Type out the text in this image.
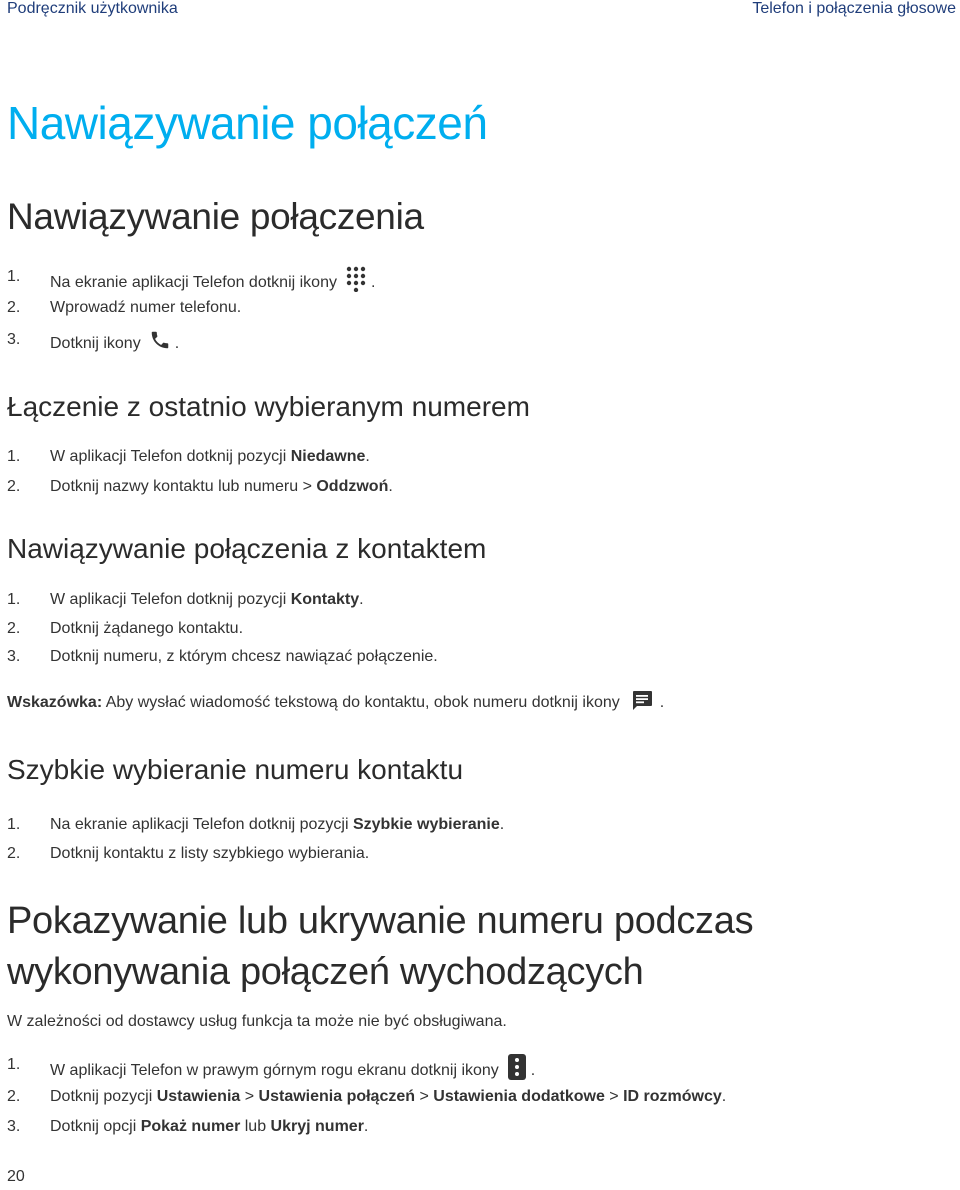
Podręcznik użytkownika	Telefon i połączenia głosowe
Nawiązywanie połączeń
Nawiązywanie połączenia
1.	Na ekranie aplikacji Telefon dotknij ikony .
2.	Wprowadź numer telefonu.
3.	Dotknij ikony .
Łączenie z ostatnio wybieranym numerem
1.	W aplikacji Telefon dotknij pozycji Niedawne .
2.	Dotknij nazwy kontaktu lub numeru > Oddzwoń .
Nawiązywanie połączenia z kontaktem
1.	W aplikacji Telefon dotknij pozycji Kontakty .
2.	Dotknij żądanego kontaktu.
3.	Dotknij numeru, z którym chcesz nawiązać połączenie.
Wskazówka: Aby wysłać wiadomość tekstową do kontaktu, obok numeru dotknij ikony	.
Szybkie wybieranie numeru kontaktu
1.	Na ekranie aplikacji Telefon dotknij pozycji Szybkie wybieranie .
2.	Dotknij kontaktu z listy szybkiego wybierania.
Pokazywanie lub ukrywanie numeru podczas
wykonywania połączeń wychodzących
W zależności od dostawcy usług funkcja ta może nie być obsługiwana.
1.	W aplikacji Telefon w prawym górnym rogu ekranu dotknij ikony .
2.	Dotknij pozycji Ustawienia > Ustawienia połączeń > Ustawienia dodatkowe > ID rozmówcy .
3.	Dotknij opcji Pokaż numer lub Ukryj numer .
20
